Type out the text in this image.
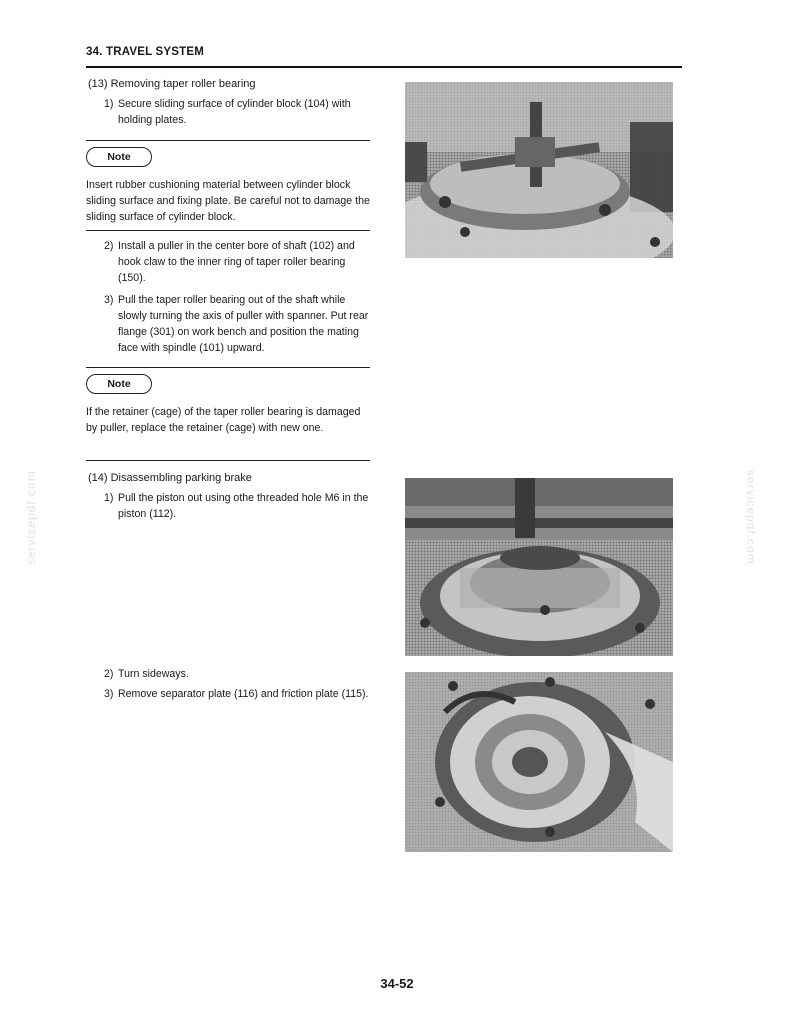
34. TRAVEL SYSTEM
(13) Removing taper roller bearing
1) Secure sliding surface of cylinder block (104) with holding plates.
Note
Insert rubber cushioning material between cylinder block sliding surface and fixing plate. Be careful not to damage the sliding surface of cylinder block.
2) Install a puller in the center bore of shaft (102) and hook claw to the inner ring of taper roller bearing (150).
3) Pull the taper roller bearing out of the shaft while slowly turning the axis of puller with spanner. Put rear flange (301) on work bench and position the mating face with spindle (101) upward.
Note
If the retainer (cage) of the taper roller bearing is damaged by puller, replace the retainer (cage) with new one.
(14) Disassembling parking brake
1) Pull the piston out using othe threaded hole M6 in the piston (112).
2) Turn sideways.
3) Remove separator plate (116) and friction plate (115).
servicepdf.com	servicepdf.com
34-52
